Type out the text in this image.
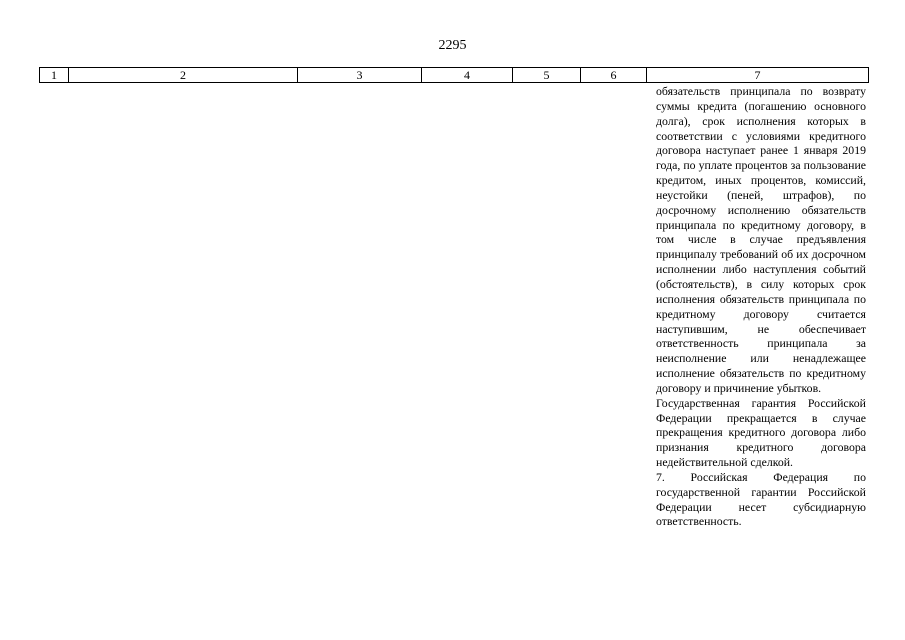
2295
1	2	3	4	5	6	7

обязательств принципала по возврату суммы кредита (погашению основного долга), срок исполнения которых в соответствии с условиями кредитного договора наступает ранее 1 января 2019 года, по уплате процентов за пользование кредитом, иных процентов, комиссий, неустойки (пеней, штрафов), по досрочному исполнению обязательств принципала по кредитному договору, в том числе в случае предъявления принципалу требований об их досрочном исполнении либо наступления событий (обстоятельств), в силу которых срок исполнения обязательств принципала по кредитному договору считается наступившим, не обеспечивает ответственность принципала за неисполнение или ненадлежащее исполнение обязательств по кредитному договору и причинение убытков.

Государственная гарантия Российской Федерации прекращается в случае прекращения кредитного договора либо признания кредитного договора недействительной сделкой.

7. Российская Федерация по государственной гарантии Российской Федерации несет субсидиарную ответственность.
